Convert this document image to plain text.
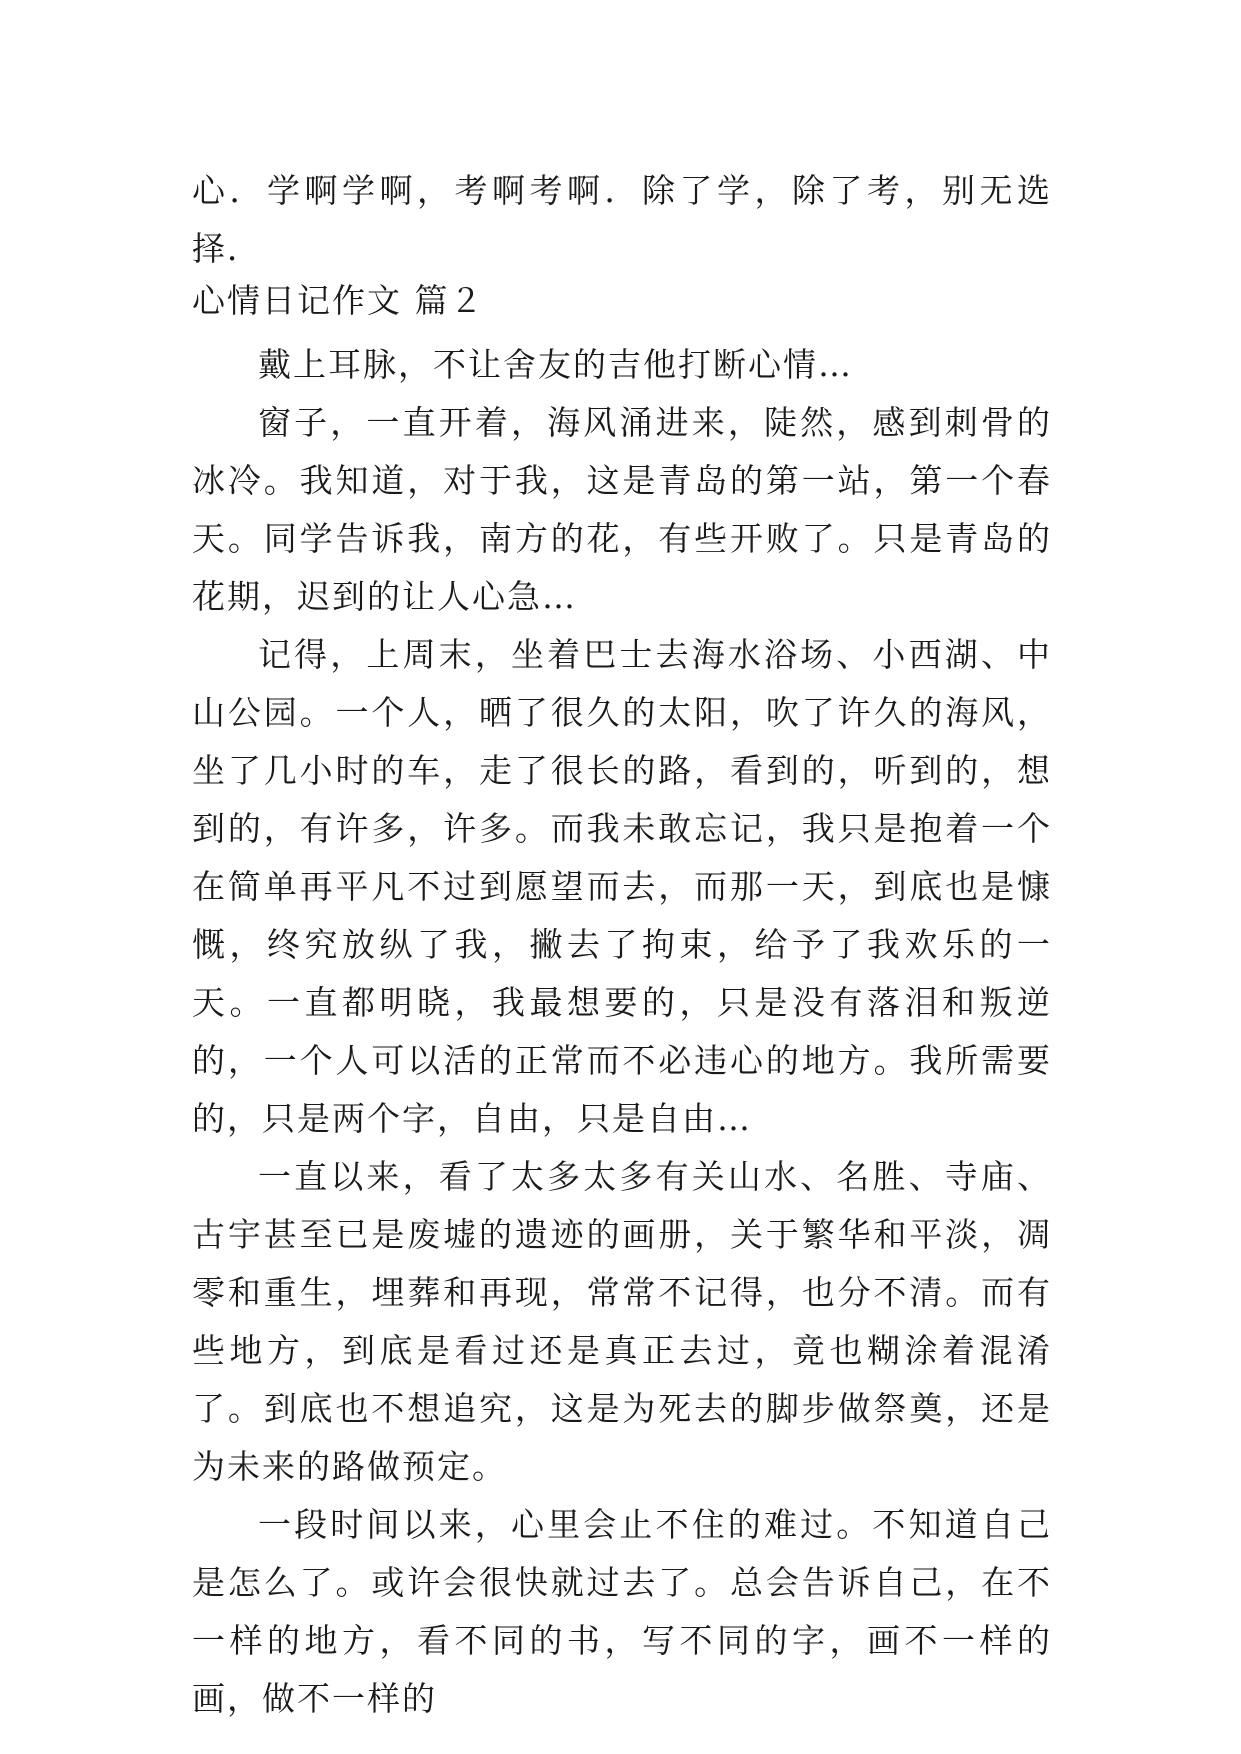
心．学啊学啊，考啊考啊．除了学，除了考，别无选择．

心情日记作文 篇２

戴上耳脉，不让舍友的吉他打断心情…

窗子，一直开着，海风涌进来，陡然，感到刺骨的冰冷。我知道，对于我，这是青岛的第一站，第一个春天。同学告诉我，南方的花，有些开败了。只是青岛的花期，迟到的让人心急…

记得，上周末，坐着巴士去海水浴场、小西湖、中山公园。一个人，晒了很久的太阳，吹了许久的海风，坐了几小时的车，走了很长的路，看到的，听到的，想到的，有许多，许多。而我未敢忘记，我只是抱着一个在简单再平凡不过到愿望而去，而那一天，到底也是慷慨，终究放纵了我，撇去了拘束，给予了我欢乐的一天。一直都明晓，我最想要的，只是没有落泪和叛逆的，一个人可以活的正常而不必违心的地方。我所需要的，只是两个字，自由，只是自由…

一直以来，看了太多太多有关山水、名胜、寺庙、古宇甚至已是废墟的遗迹的画册，关于繁华和平淡，凋零和重生，埋葬和再现，常常不记得，也分不清。而有些地方，到底是看过还是真正去过，竟也糊涂着混淆了。到底也不想追究，这是为死去的脚步做祭奠，还是为未来的路做预定。

一段时间以来，心里会止不住的难过。不知道自己是怎么了。或许会很快就过去了。总会告诉自己，在不一样的地方，看不同的书，写不同的字，画不一样的画，做不一样的
